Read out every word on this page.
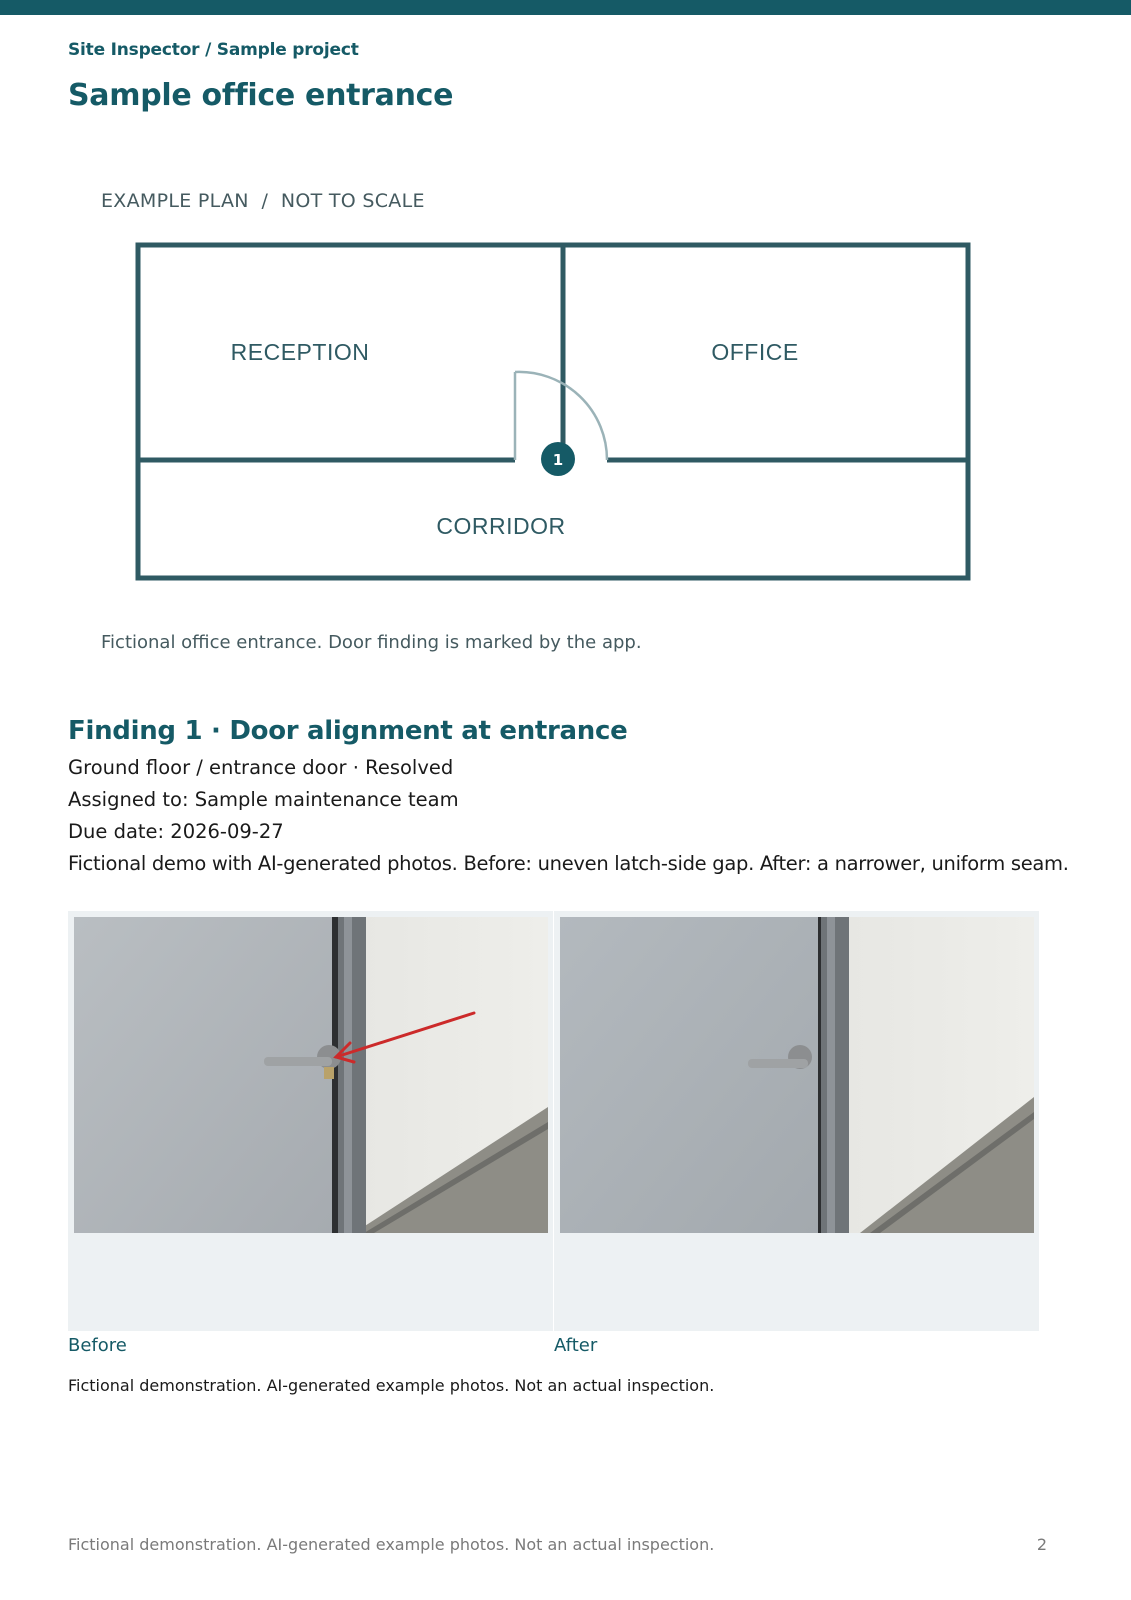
Site Inspector / Sample project
Sample office entrance
EXAMPLE PLAN  /  NOT TO SCALE
RECEPTION	OFFICE
CORRIDOR
1
Fictional office entrance. Door finding is marked by the app.
Finding 1 · Door alignment at entrance
Ground floor / entrance door · Resolved
Assigned to: Sample maintenance team
Due date: 2026-09-27
Fictional demo with AI-generated photos. Before: uneven latch-side gap. After: a narrower, uniform seam.
Before	After
Fictional demonstration. AI-generated example photos. Not an actual inspection.
Fictional demonstration. AI-generated example photos. Not an actual inspection.	2
